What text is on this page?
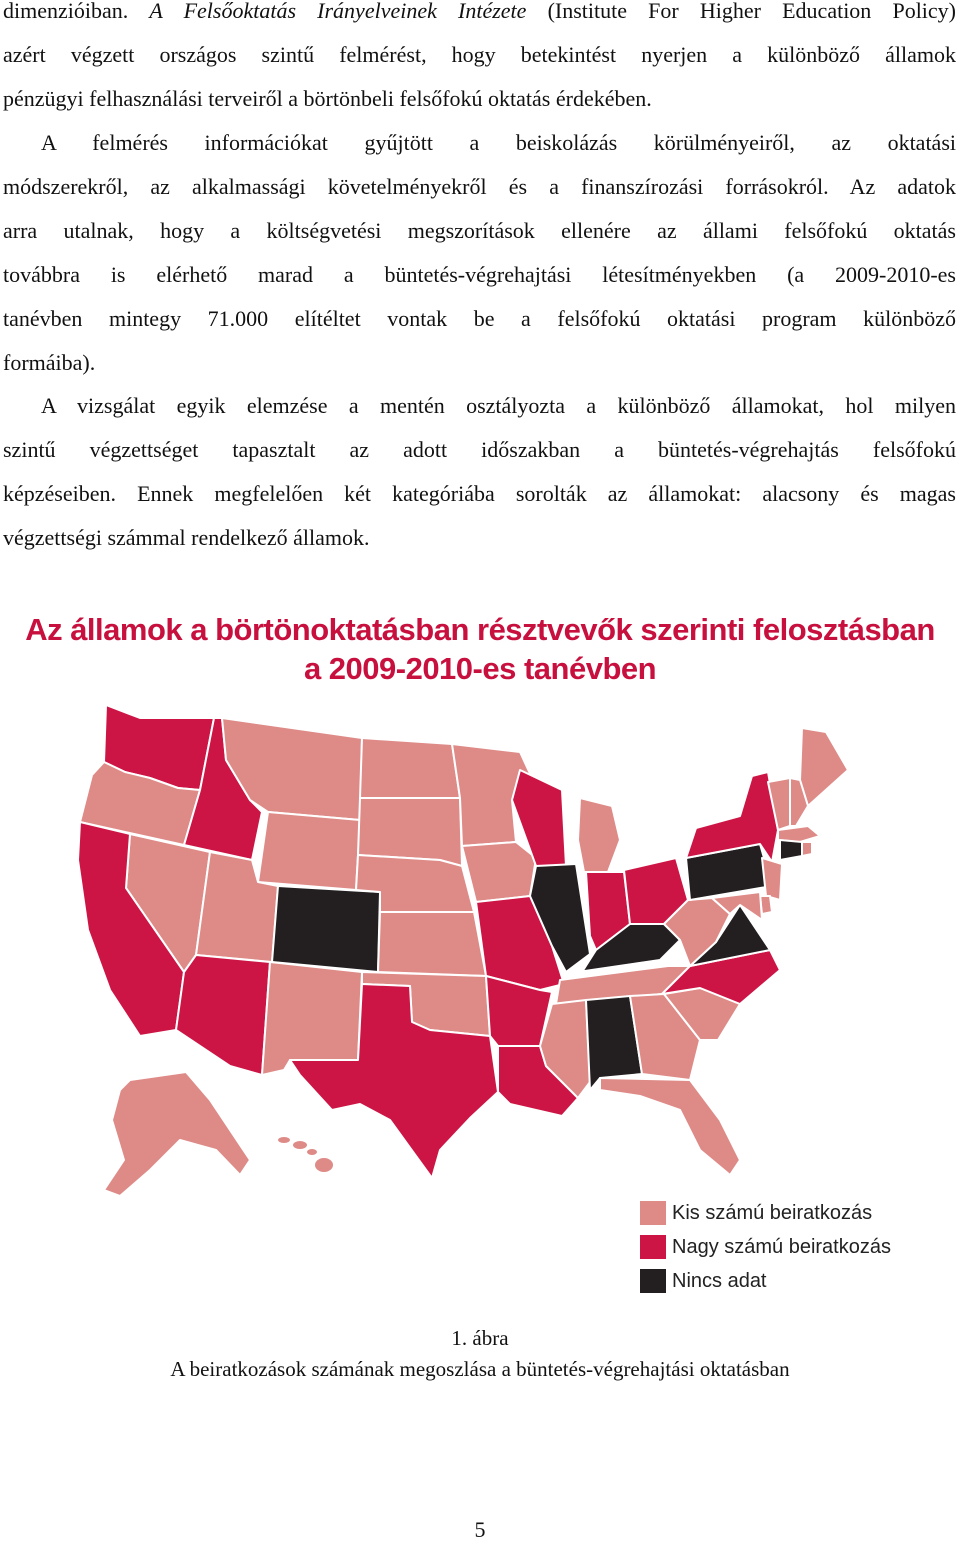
dimenzióiban. A Felsőoktatás Irányelveinek Intézete (Institute For Higher Education Policy)
azért végzett országos szintű felmérést, hogy betekintést nyerjen a különböző államok
pénzügyi felhasználási terveiről a börtönbeli felsőfokú oktatás érdekében.
A felmérés információkat gyűjtött a beiskolázás körülményeiről, az oktatási
módszerekről, az alkalmassági követelményekről és a finanszírozási forrásokról. Az adatok
arra utalnak, hogy a költségvetési megszorítások ellenére az állami felsőfokú oktatás
továbbra is elérhető marad a büntetés-végrehajtási létesítményekben (a 2009-2010-es
tanévben mintegy 71.000 elítéltet vontak be a felsőfokú oktatási program különböző
formáiba).
A vizsgálat egyik elemzése a mentén osztályozta a különböző államokat, hol milyen
szintű végzettséget tapasztalt az adott időszakban a büntetés-végrehajtás felsőfokú
képzéseiben. Ennek megfelelően két kategóriába sorolták az államokat: alacsony és magas
végzettségi számmal rendelkező államok.
Az államok a börtönoktatásban résztvevők szerinti felosztásban
a 2009-2010-es tanévben
Kis számú beiratkozás
Nagy számú beiratkozás
Nincs adat
1. ábra
A beiratkozások számának megoszlása a büntetés-végrehajtási oktatásban
5
